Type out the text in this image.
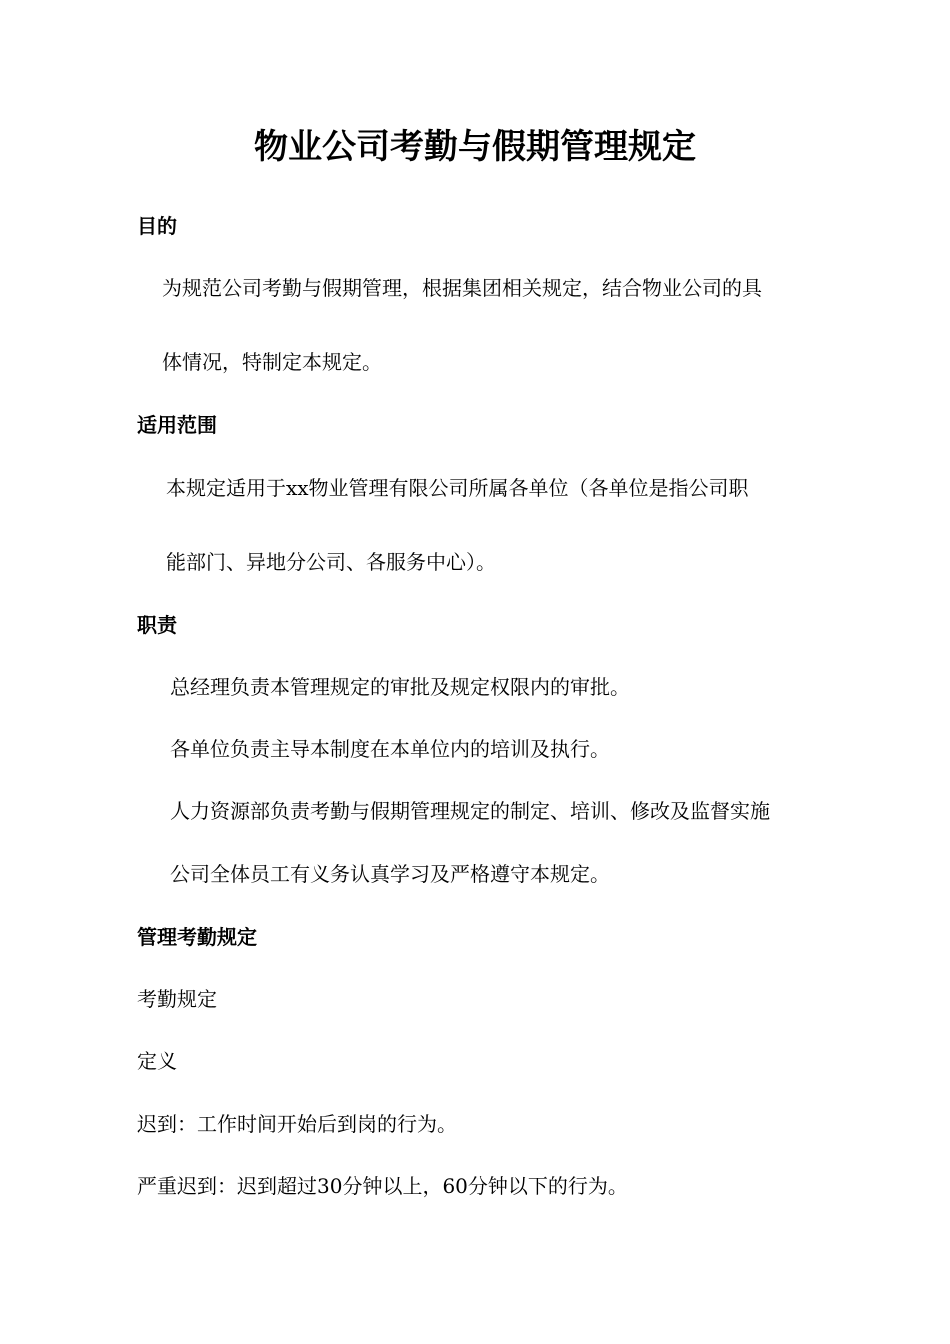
物业公司考勤与假期管理规定
目的
为规范公司考勤与假期管理，根据集团相关规定，结合物业公司的具
体情况，特制定本规定。
适用范围
本规定适用于xx物业管理有限公司所属各单位（各单位是指公司职
能部门、异地分公司、各服务中心）。
职责
总经理负责本管理规定的审批及规定权限内的审批。
各单位负责主导本制度在本单位内的培训及执行。
人力资源部负责考勤与假期管理规定的制定、培训、修改及监督实施
公司全体员工有义务认真学习及严格遵守本规定。
管理考勤规定
考勤规定
定义
迟到：工作时间开始后到岗的行为。
严重迟到：迟到超过30分钟以上，60分钟以下的行为。
